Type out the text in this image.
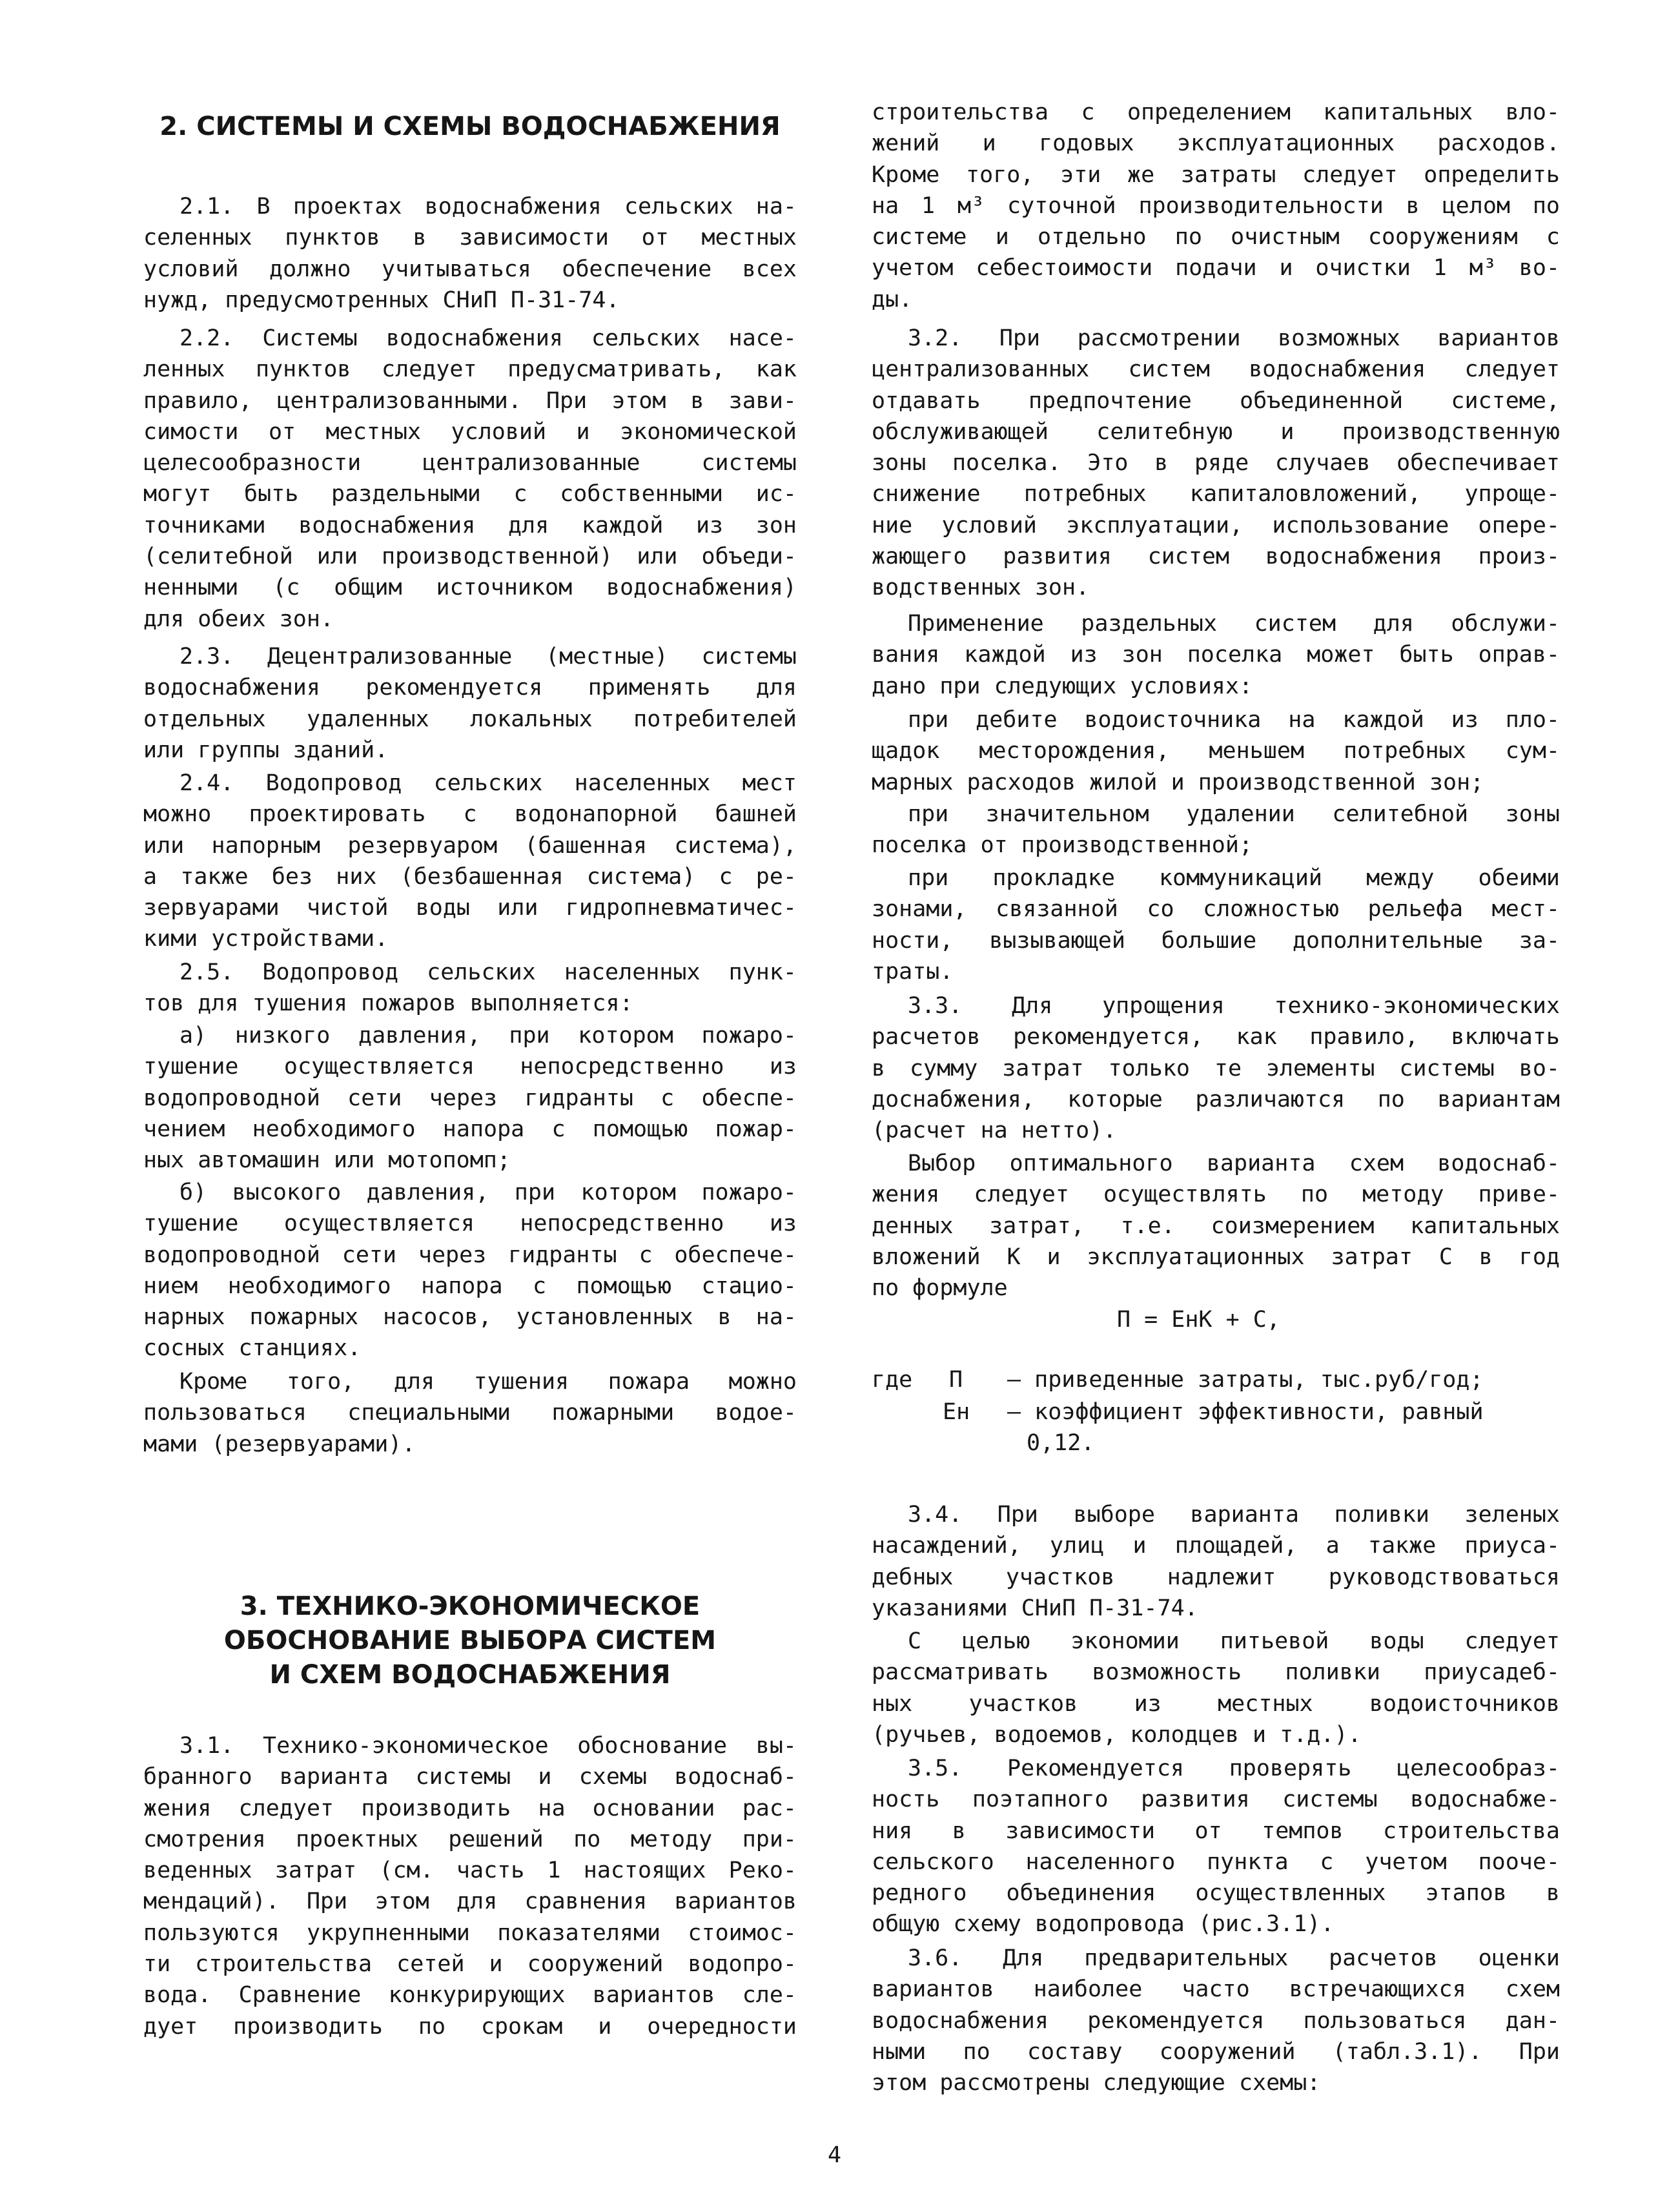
2. СИСТЕМЫ И СХЕМЫ ВОДОСНАБЖЕНИЯ

2.1. В проектах водоснабжения сельских на-

селенных пунктов в зависимости от местных

условий должно учитываться обеспечение всех

нужд, предусмотренных СНиП П-31-74.

2.2. Системы водоснабжения сельских насе-

ленных пунктов следует предусматривать, как

правило, централизованными. При этом в зави-

симости от местных условий и экономической

целесообразности централизованные системы

могут быть раздельными с собственными ис-

точниками водоснабжения для каждой из зон

(селитебной или производственной) или объеди-

ненными (с общим источником водоснабжения)

для обеих зон.

2.3. Децентрализованные (местные) системы

водоснабжения рекомендуется применять для

отдельных удаленных локальных потребителей

или группы зданий.

2.4. Водопровод сельских населенных мест

можно проектировать с водонапорной башней

или напорным резервуаром (башенная система),

а также без них (безбашенная система) с ре-

зервуарами чистой воды или гидропневматичес-

кими устройствами.

2.5. Водопровод сельских населенных пунк-

тов для тушения пожаров выполняется:

а) низкого давления, при котором пожаро-

тушение осуществляется непосредственно из

водопроводной сети через гидранты с обеспе-

чением необходимого напора с помощью пожар-

ных автомашин или мотопомп;

б) высокого давления, при котором пожаро-

тушение осуществляется непосредственно из

водопроводной сети через гидранты с обеспече-

нием необходимого напора с помощью стацио-

нарных пожарных насосов, установленных в на-

сосных станциях.

Кроме того, для тушения пожара можно

пользоваться специальными пожарными водое-

мами (резервуарами).

3. ТЕХНИКО-ЭКОНОМИЧЕСКОЕ
ОБОСНОВАНИЕ ВЫБОРА СИСТЕМ
И СХЕМ ВОДОСНАБЖЕНИЯ

3.1. Технико-экономическое обоснование вы-

бранного варианта системы и схемы водоснаб-

жения следует производить на основании рас-

смотрения проектных решений по методу при-

веденных затрат (см. часть 1 настоящих Реко-

мендаций). При этом для сравнения вариантов

пользуются укрупненными показателями стоимос-

ти строительства сетей и сооружений водопро-

вода. Сравнение конкурирующих вариантов сле-

дует производить по срокам и очередности

строительства с определением капитальных вло-

жений и годовых эксплуатационных расходов.

Кроме того, эти же затраты следует определить

на 1 м³ суточной производительности в целом по

системе и отдельно по очистным сооружениям с

учетом себестоимости подачи и очистки 1 м³ во-

ды.

3.2. При рассмотрении возможных вариантов

централизованных систем водоснабжения следует

отдавать предпочтение объединенной системе,

обслуживающей селитебную и производственную

зоны поселка. Это в ряде случаев обеспечивает

снижение потребных капиталовложений, упроще-

ние условий эксплуатации, использование опере-

жающего развития систем водоснабжения произ-

водственных зон.

Применение раздельных систем для обслужи-

вания каждой из зон поселка может быть оправ-

дано при следующих условиях:

при дебите водоисточника на каждой из пло-

щадок месторождения, меньшем потребных сум-

марных расходов жилой и производственной зон;

при значительном удалении селитебной зоны

поселка от производственной;

при прокладке коммуникаций между обеими

зонами, связанной со сложностью рельефа мест-

ности, вызывающей большие дополнительные за-

траты.

3.3. Для упрощения технико-экономических

расчетов рекомендуется, как правило, включать

в сумму затрат только те элементы системы во-

доснабжения, которые различаются по вариантам

(расчет на нетто).

Выбор оптимального варианта схем водоснаб-

жения следует осуществлять по методу приве-

денных затрат, т.е. соизмерением капитальных

вложений К и эксплуатационных затрат С в год

по формуле

П = EнК + С,
где П – приведенные затраты, тыс.руб/год;
Eн – коэффициент эффективности, равный
0,12.

3.4. При выборе варианта поливки зеленых

насаждений, улиц и площадей, а также приуса-

дебных участков надлежит руководствоваться

указаниями СНиП П-31-74.

С целью экономии питьевой воды следует

рассматривать возможность поливки приусадеб-

ных участков из местных водоисточников

(ручьев, водоемов, колодцев и т.д.).

3.5. Рекомендуется проверять целесообраз-

ность поэтапного развития системы водоснабже-

ния в зависимости от темпов строительства

сельского населенного пункта с учетом пооче-

редного объединения осуществленных этапов в

общую схему водопровода (рис.3.1).

3.6. Для предварительных расчетов оценки

вариантов наиболее часто встречающихся схем

водоснабжения рекомендуется пользоваться дан-

ными по составу сооружений (табл.3.1). При

этом рассмотрены следующие схемы:

4
